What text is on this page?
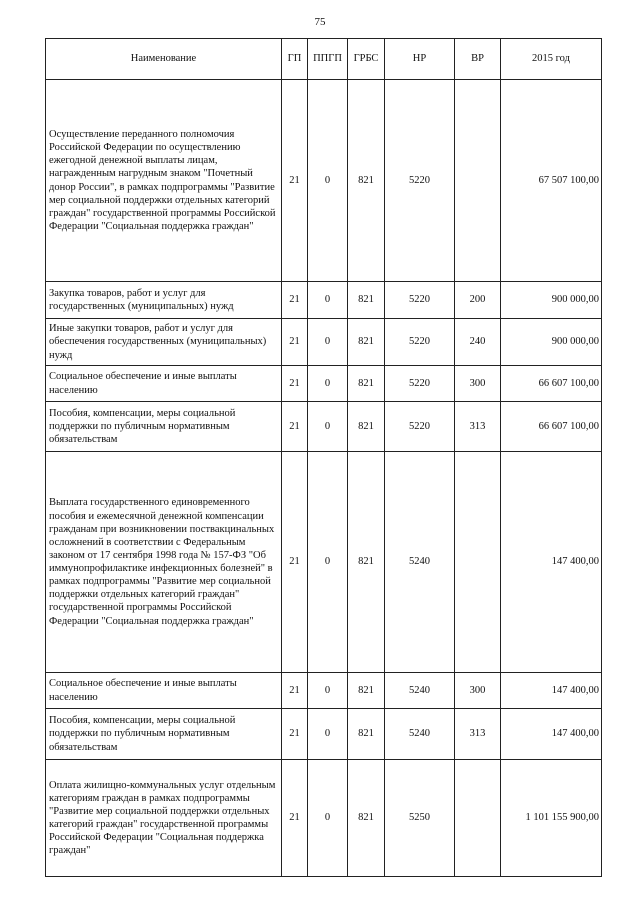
75
Наименование	ГП	ППГП	ГРБС	НР	ВР	2015 год
Осуществление переданного полномочия Российской Федерации по осуществлению ежегодной денежной выплаты лицам, награжденным нагрудным знаком "Почетный донор России", в рамках подпрограммы "Развитие мер социальной поддержки отдельных категорий граждан" государственной программы Российской Федерации "Социальная поддержка граждан"	21	0	821	5220		67 507 100,00
Закупка товаров, работ и услуг для государственных (муниципальных) нужд	21	0	821	5220	200	900 000,00
Иные закупки товаров, работ и услуг для обеспечения государственных (муниципальных) нужд	21	0	821	5220	240	900 000,00
Социальное обеспечение и иные выплаты населению	21	0	821	5220	300	66 607 100,00
Пособия, компенсации, меры социальной поддержки по публичным нормативным обязательствам	21	0	821	5220	313	66 607 100,00
Выплата государственного единовременного пособия и ежемесячной денежной компенсации гражданам при возникновении поствакцинальных осложнений в соответствии с Федеральным законом от 17 сентября 1998 года № 157-ФЗ "Об иммунопрофилактике инфекционных болезней" в рамках подпрограммы "Развитие мер социальной поддержки отдельных категорий граждан" государственной программы Российской Федерации "Социальная поддержка граждан"	21	0	821	5240		147 400,00
Социальное обеспечение и иные выплаты населению	21	0	821	5240	300	147 400,00
Пособия, компенсации, меры социальной поддержки по публичным нормативным обязательствам	21	0	821	5240	313	147 400,00
Оплата жилищно-коммунальных услуг отдельным категориям граждан в рамках подпрограммы "Развитие мер социальной поддержки отдельных категорий граждан" государственной программы Российской Федерации "Социальная поддержка граждан"	21	0	821	5250		1 101 155 900,00
